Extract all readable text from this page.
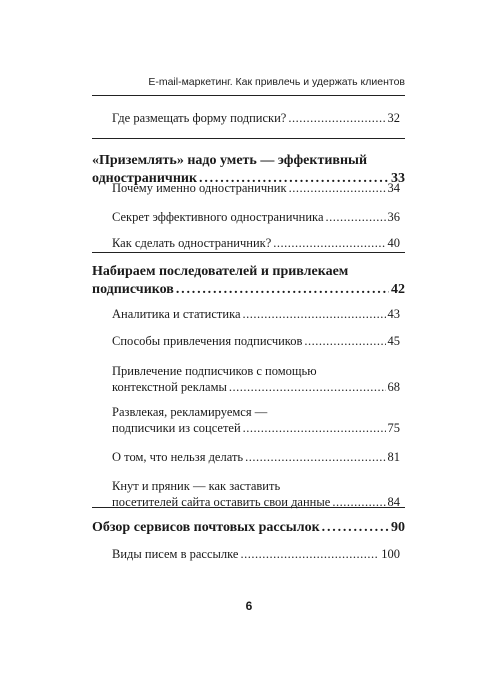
E-mail-маркетинг. Как привлечь и удержать клиентов
Где размещать форму подписки? .....	32
«Приземлять» надо уметь — эффективный
одностраничник .....	33
Почему именно одностраничник .....	34
Секрет эффективного одностраничника .....	36
Как сделать одностраничник? .....	40
Набираем последователей и привлекаем
подписчиков .....	42
Аналитика и статистика .....	43
Способы привлечения подписчиков .....	45
Привлечение подписчиков с помощью
контекстной рекламы .....	68
Развлекая, рекламируемся —
подписчики из соцсетей .....	75
О том, что нельзя делать .....	81
Кнут и пряник — как заставить
посетителей сайта оставить свои данные .....	84
Обзор сервисов почтовых рассылок .....	90
Виды писем в рассылке .....	100
6
